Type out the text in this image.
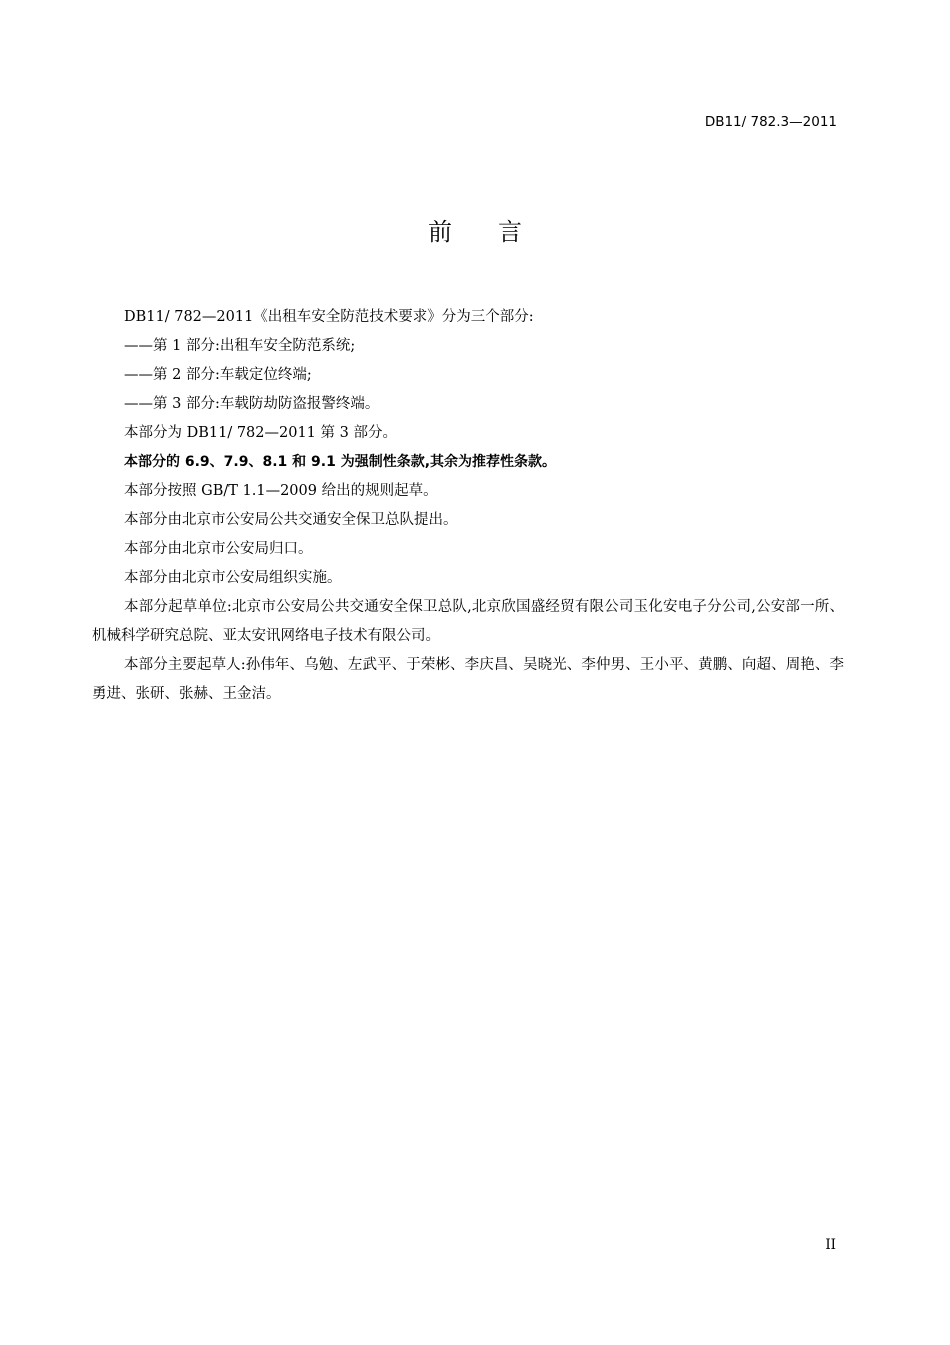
DB11/ 782.3—2011
前言

DB11/ 782—2011《出租车安全防范技术要求》分为三个部分:

——第 1 部分:出租车安全防范系统;

——第 2 部分:车载定位终端;

——第 3 部分:车载防劫防盗报警终端。

本部分为 DB11/ 782—2011 第 3 部分。

本部分的 6.9、7.9、8.1 和 9.1 为强制性条款,其余为推荐性条款。

本部分按照 GB/T 1.1—2009 给出的规则起草。

本部分由北京市公安局公共交通安全保卫总队提出。

本部分由北京市公安局归口。

本部分由北京市公安局组织实施。

本部分起草单位:北京市公安局公共交通安全保卫总队,北京欣国盛经贸有限公司玉化安电子分公司,公安部一所、机械科学研究总院、亚太安讯网络电子技术有限公司。

本部分主要起草人:孙伟年、乌勉、左武平、于荣彬、李庆昌、吴晓光、李仲男、王小平、黄鹏、向超、周艳、李勇进、张研、张赫、王金洁。

II
